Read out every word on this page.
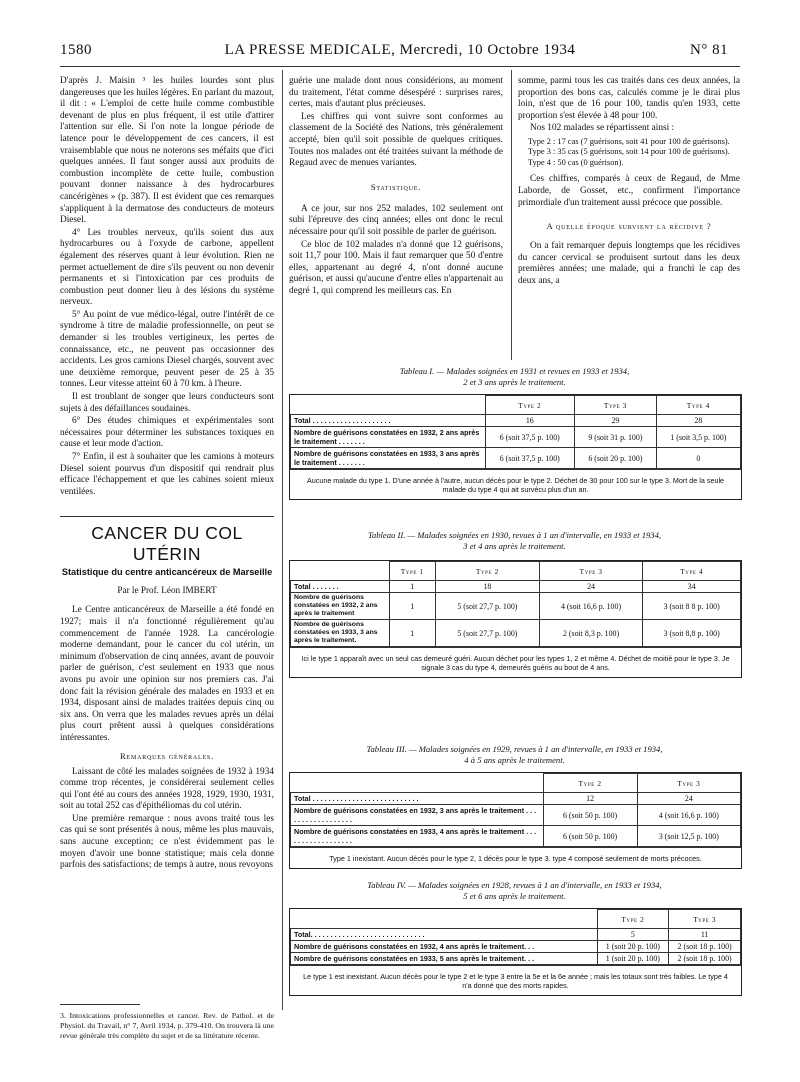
1580	LA PRESSE MEDICALE, Mercredi, 10 Octobre 1934	N° 81

D'après J. Maisin ³ les huiles lourdes sont plus dangereuses que les huiles légères. En parlant du mazout, il dit : « L'emploi de cette huile comme combustible devenant de plus en plus fréquent, il est utile d'attirer l'attention sur elle. Si l'on note la longue période de latence pour le développement de ces cancers, il est vraisemblable que nous ne noterons ses méfaits que d'ici quelques années. Il faut songer aussi aux produits de combustion incomplète de cette huile, combustion pouvant donner naissance à des hydrocarbures cancérigènes » (p. 387). Il est évident que ces remarques s'appliquent à la dermatose des conducteurs de moteurs Diesel.

4° Les troubles nerveux, qu'ils soient dus aux hydrocarbures ou à l'oxyde de carbone, appellent également des réserves quant à leur évolution. Rien ne permet actuellement de dire s'ils peuvent ou non devenir permanents et si l'intoxication par ces produits de combustion peut donner lieu à des lésions du système nerveux.

5° Au point de vue médico-légal, outre l'intérêt de ce syndrome à titre de maladie professionnelle, on peut se demander si les troubles vertigineux, les pertes de connaissance, etc., ne peuvent pas occasionner des accidents. Les gros camions Diesel chargés, souvent avec une deuxième remorque, peuvent peser de 25 à 35 tonnes. Leur vitesse atteint 60 à 70 km. à l'heure.

Il est troublant de songer que leurs conducteurs sont sujets à des défaillances soudaines.

6° Des études chimiques et expérimentales sont nécessaires pour déterminer les substances toxiques en cause et leur mode d'action.

7° Enfin, il est à souhaiter que les camions à moteurs Diesel soient pourvus d'un dispositif qui rendrait plus efficace l'échappement et que les cabines soient mieux ventilées.

CANCER DU COL UTÉRIN
Statistique du centre anticancéreux de Marseille
Par le Prof. Léon IMBERT

Le Centre anticancéreux de Marseille a été fondé en 1927; mais il n'a fonctionné régulièrement qu'au commencement de l'année 1928. La cancérologie moderne demandant, pour le cancer du col utérin, un minimum d'observation de cinq années, avant de pouvoir parler de guérison, c'est seulement en 1933 que nous avons pu avoir une opinion sur nos premiers cas. J'ai donc fait la révision générale des malades en 1933 et en 1934, disposant ainsi de malades traitées depuis cinq ou six ans. On verra que les malades revues après un délai plus court prêtent aussi à quelques considérations intéressantes.

Remarques générales.

Laissant de côté les malades soignées de 1932 à 1934 comme trop récentes, je considérerai seulement celles qui l'ont été au cours des années 1928, 1929, 1930, 1931, soit au total 252 cas d'épithéliomas du col utérin.

Une première remarque : nous avons traité tous les cas qui se sont présentés à nous, même les plus mauvais, sans aucune exception; ce n'est évidemment pas le moyen d'avoir une bonne statistique; mais cela donne parfois des satisfactions; de temps à autre, nous revoyons

3. Intoxications professionnelles et cancer. Rev. de Pathol. et de Physiol. du Travail, n° 7, Avril 1934, p. 379-410. On trouvera là une revue générale très complète du sujet et de sa littérature récente.

guérie une malade dont nous considérions, au moment du traitement, l'état comme désespéré : surprises rares, certes, mais d'autant plus précieuses.

Les chiffres qui vont suivre sont conformes au classement de la Société des Nations, très généralement accepté, bien qu'il soit possible de quelques critiques. Toutes nos malades ont été traitées suivant la méthode de Regaud avec de menues variantes.

Statistique.

A ce jour, sur nos 252 malades, 102 seulement ont subi l'épreuve des cinq années; elles ont donc le recul nécessaire pour qu'il soit possible de parler de guérison.

Ce bloc de 102 malades n'a donné que 12 guérisons, soit 11,7 pour 100. Mais il faut remarquer que 50 d'entre elles, appartenant au degré 4, n'ont donné aucune guérison, et aussi qu'aucune d'entre elles n'appartenait au degré 1, qui comprend les meilleurs cas. En

somme, parmi tous les cas traités dans ces deux années, la proportion des bons cas, calculés comme je le dirai plus loin, n'est que de 16 pour 100, tandis qu'en 1933, cette proportion s'est élevée à 48 pour 100.

Nos 102 malades se répartissent ainsi :

Type 2 : 17 cas (7 guérisons, soit 41 pour 100 de guérisons).
Type 3 : 35 cas (5 guérisons, soit 14 pour 100 de guérisons).
Type 4 : 50 cas (0 guérison).

Ces chiffres, comparés à ceux de Regaud, de Mme Laborde, de Gosset, etc., confirment l'importance primordiale d'un traitement aussi précoce que possible.

A quelle époque survient la récidive ?

On a fait remarquer depuis longtemps que les récidives du cancer cervical se produisent surtout dans les deux premières années; une malade, qui a franchi le cap des deux ans, a

Tableau I. — Malades soignées en 1931 et revues en 1933 et 1934,
2 et 3 ans après le traitement.
	Type 2	Type 3	Type 4
Total . . . . . . . . . . . . . . . . . . . .	16	29	28
Nombre de guérisons constatées en 1932, 2 ans après le traitement . . . . . . .	6 (soit 37,5 p. 100)	9 (soit 31 p. 100)	1 (soit 3,5 p. 100)
Nombre de guérisons constatées en 1933, 3 ans après le traitement . . . . . . .	6 (soit 37,5 p. 100)	6 (soit 20 p. 100)	0
Aucune malade du type 1. D'une année à l'autre, aucun décès pour le type 2. Déchet de 30 pour 100 sur le type 3. Mort de la seule malade du type 4 qui ait survécu plus d'un an.
Tableau II. — Malades soignées en 1930, revues à 1 an d'intervalle, en 1933 et 1934,
3 et 4 ans après le traitement.
	Type 1	Type 2	Type 3	Type 4
Total . . . . . . .	1	18	24	34
Nombre de guérisons constatées en 1932, 2 ans après le traitement	1	5 (soit 27,7 p. 100)	4 (soit 16,6 p. 100)	3 (soit 8 8 p. 100)
Nombre de guérisons constatées en 1933, 3 ans après le traitement.	1	5 (soit 27,7 p. 100)	2 (soit 8,3 p. 100)	3 (soit 8,8 p. 100)
Ici le type 1 apparaît avec un seul cas demeuré guéri. Aucun déchet pour les types 1, 2 et même 4. Déchet de moitié pour le type 3. Je signale 3 cas du type 4, demeurés guéris au bout de 4 ans.
Tableau III. — Malades soignées en 1929, revues à 1 an d'intervalle, en 1933 et 1934,
4 à 5 ans après le traitement.
	Type 2	Type 3
Total . . . . . . . . . . . . . . . . . . . . . . . . . . .	12	24
Nombre de guérisons constatées en 1932, 3 ans après le traitement . . . . . . . . . . . . . . . . . .	6 (soit 50 p. 100)	4 (soit 16,6 p. 100)
Nombre de guérisons constatées en 1933, 4 ans après le traitement . . . . . . . . . . . . . . . . . .	6 (soit 50 p. 100)	3 (soit 12,5 p. 100)
Type 1 inexistant. Aucun décès pour le type 2, 1 décès pour le type 3. type 4 composé seulement de morts précoces.
Tableau IV. — Malades soignées en 1928, revues à 1 an d'intervalle, en 1933 et 1934,
5 et 6 ans après le traitement.
	Type 2	Type 3
Total. . . . . . . . . . . . . . . . . . . . . . . . . . . . .	5	11
Nombre de guérisons constatées en 1932, 4 ans après le traitement. . .	1 (soit 20 p. 100)	2 (soit 18 p. 100)
Nombre de guérisons constatées en 1933, 5 ans après le traitement. . .	1 (soit 20 p. 100)	2 (soit 18 p. 100)
Le type 1 est inexistant. Aucun décès pour le type 2 et le type 3 entre la 5e et la 6e année ; mais les totaux sont très faibles. Le type 4 n'a donné que des morts rapides.
